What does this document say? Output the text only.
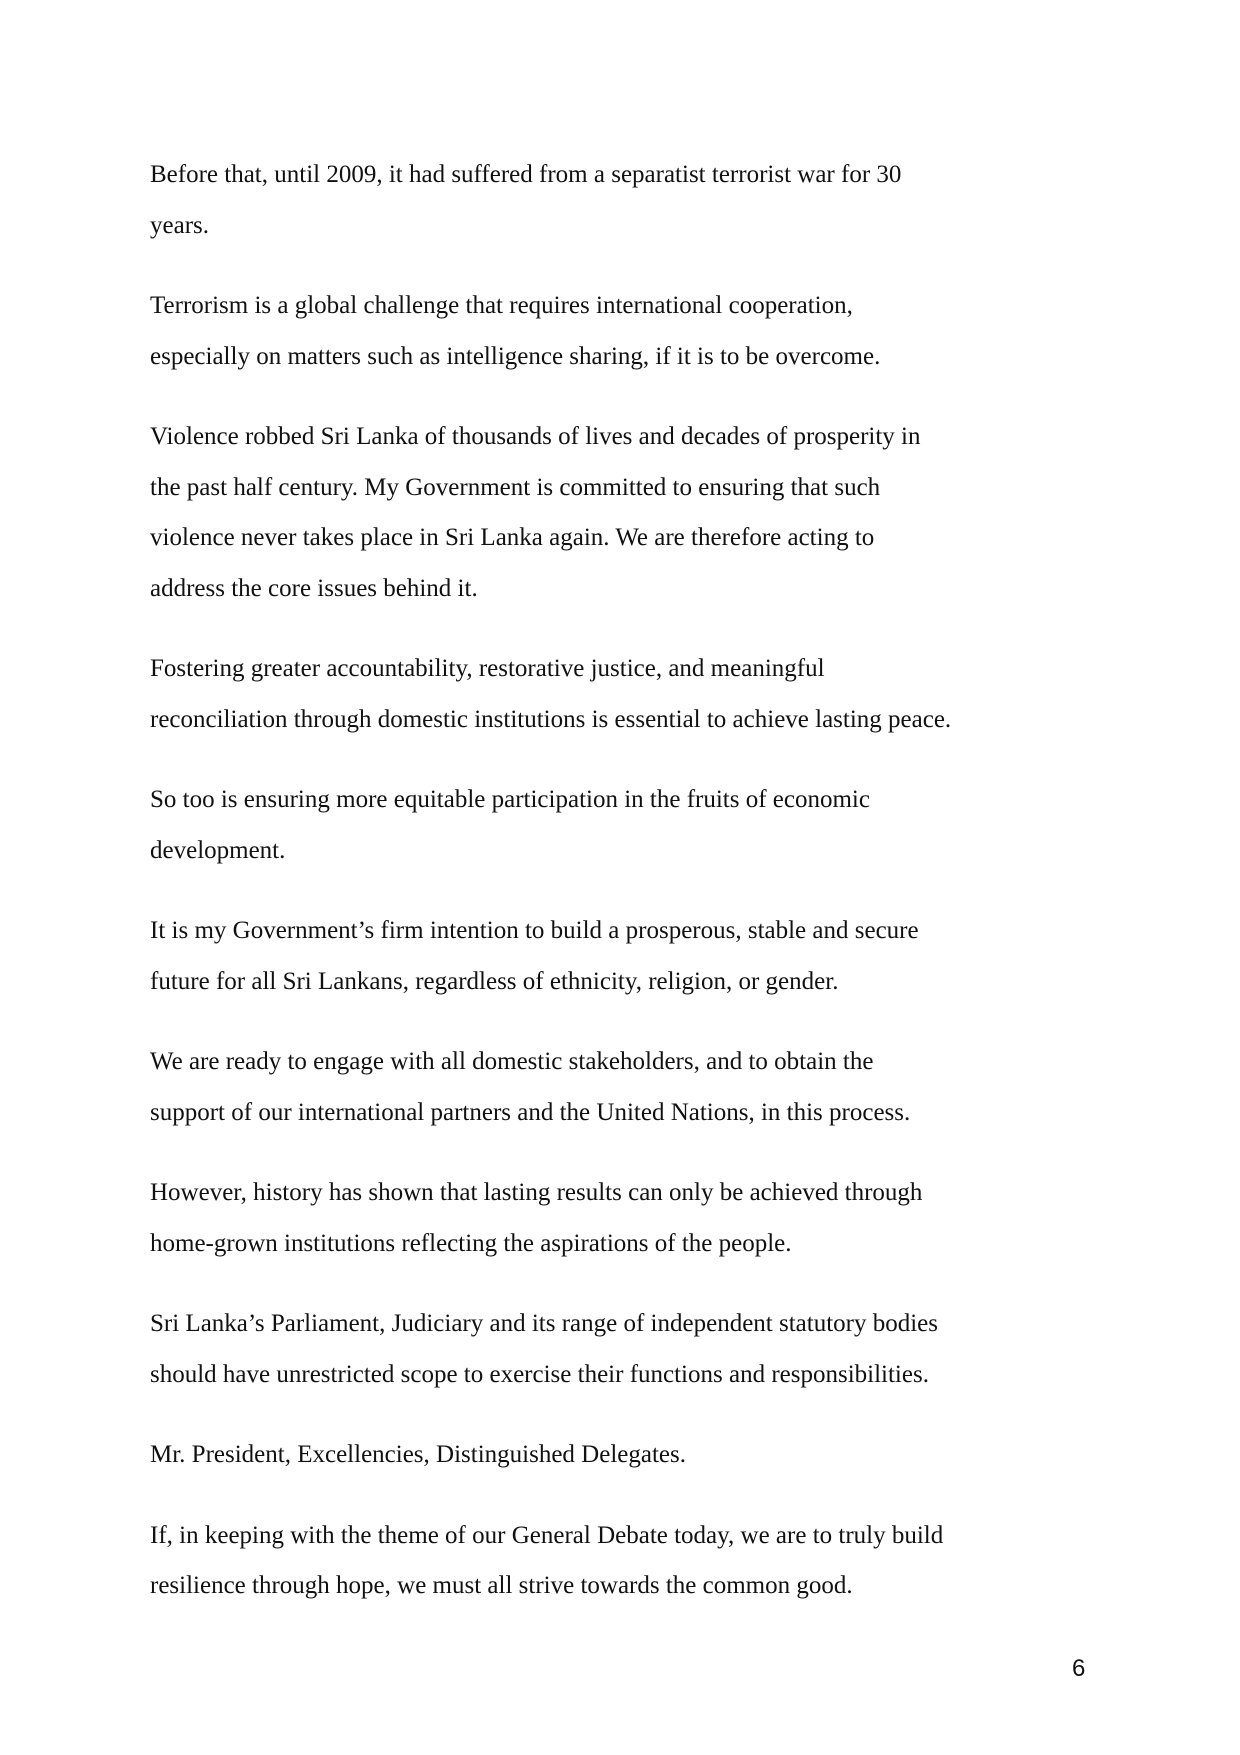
Before that, until 2009, it had suffered from a separatist terrorist war for 30
years.

Terrorism is a global challenge that requires international cooperation,
especially on matters such as intelligence sharing, if it is to be overcome.

Violence robbed Sri Lanka of thousands of lives and decades of prosperity in
the past half century. My Government is committed to ensuring that such
violence never takes place in Sri Lanka again. We are therefore acting to
address the core issues behind it.

Fostering greater accountability, restorative justice, and meaningful
reconciliation through domestic institutions is essential to achieve lasting peace.

So too is ensuring more equitable participation in the fruits of economic
development.

It is my Government’s firm intention to build a prosperous, stable and secure
future for all Sri Lankans, regardless of ethnicity, religion, or gender.

We are ready to engage with all domestic stakeholders, and to obtain the
support of our international partners and the United Nations, in this process.

However, history has shown that lasting results can only be achieved through
home-grown institutions reflecting the aspirations of the people.

Sri Lanka’s Parliament, Judiciary and its range of independent statutory bodies
should have unrestricted scope to exercise their functions and responsibilities.

Mr. President, Excellencies, Distinguished Delegates.

If, in keeping with the theme of our General Debate today, we are to truly build
resilience through hope, we must all strive towards the common good.

6
